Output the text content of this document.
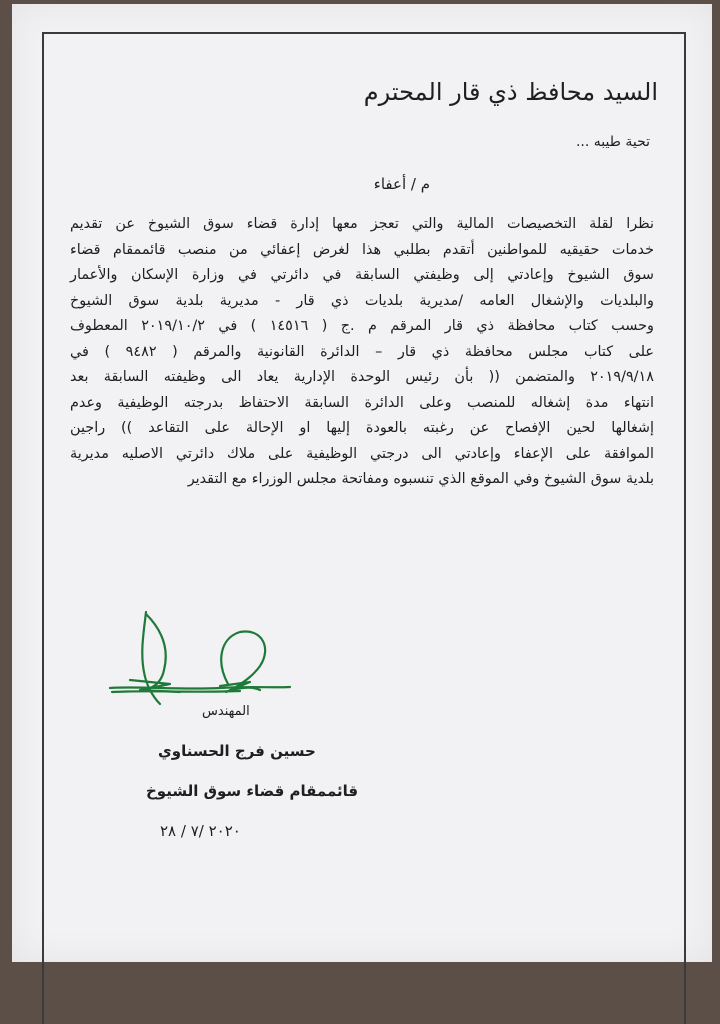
السيد محافظ ذي قار المحترم
تحية طيبه ...
م / أعفاء
نظرا لقلة التخصيصات المالية والتي تعجز معها إدارة قضاء سوق الشيوخ عن تقديم
خدمات حقيقيه للمواطنين أتقدم بطلبي هذا لغرض إعفائي من منصب قائممقام قضاء
سوق الشيوخ وإعادتي إلى وظيفتي السابقة في دائرتي في وزارة الإسكان والأعمار
والبلديات والإشغال العامه /مديرية بلديات ذي قار - مديرية بلدية سوق الشيوخ
وحسب كتاب محافظة ذي قار المرقم م .ج ( ١٤٥١٦ ) في ٢٠١٩/١٠/٢ المعطوف
على كتاب مجلس محافظة ذي قار – الدائرة القانونية والمرقم ( ٩٤٨٢ ) في
٢٠١٩/٩/١٨ والمتضمن (( بأن رئيس الوحدة الإدارية يعاد الى وظيفته السابقة بعد
انتهاء مدة إشغاله للمنصب وعلى الدائرة السابقة الاحتفاظ بدرجته الوظيفية وعدم
إشغالها لحين الإفصاح عن رغبته بالعودة إليها او الإحالة على التقاعد )) راجين
الموافقة على الإعفاء وإعادتي الى درجتي الوظيفية على ملاك دائرتي الاصليه مديرية
بلدية سوق الشيوخ وفي الموقع الذي تنسبوه ومفاتحة مجلس الوزراء مع التقدير
المهندس
حسين فرج الحسناوي
قائممقام قضاء سوق الشيوخ
٢٠٢٠ /٧ / ٢٨
